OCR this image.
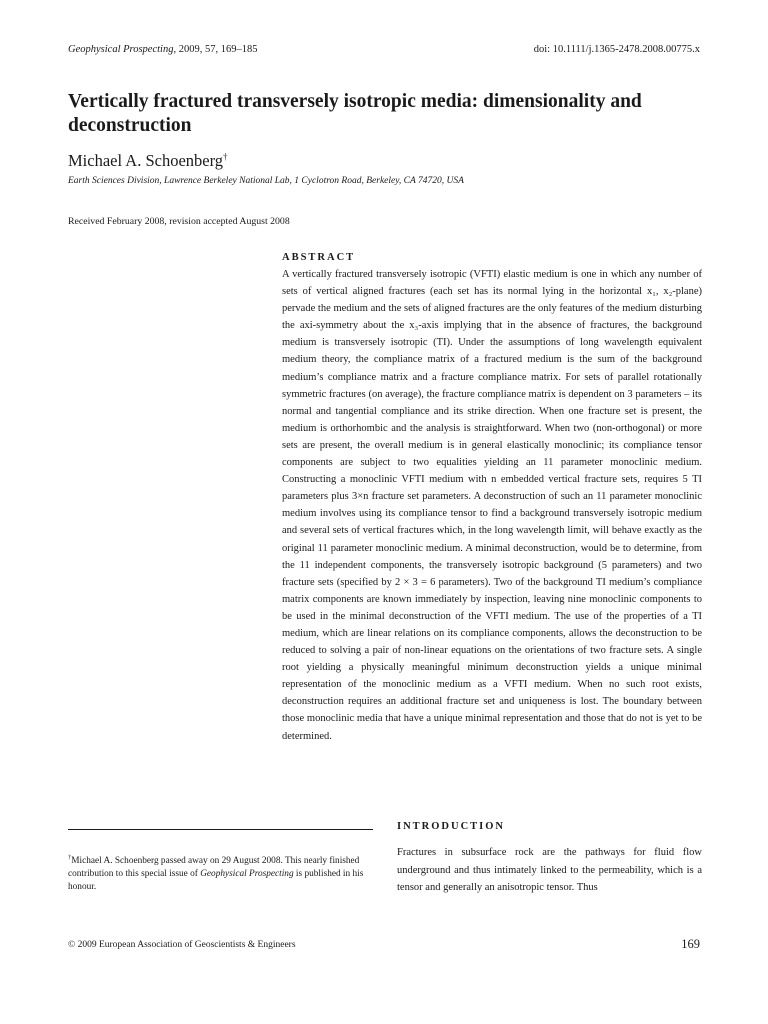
Geophysical Prospecting, 2009, 57, 169–185	doi: 10.1111/j.1365-2478.2008.00775.x
Vertically fractured transversely isotropic media: dimensionality and deconstruction
Michael A. Schoenberg†
Earth Sciences Division, Lawrence Berkeley National Lab, 1 Cyclotron Road, Berkeley, CA 74720, USA
Received February 2008, revision accepted August 2008
ABSTRACT

A vertically fractured transversely isotropic (VFTI) elastic medium is one in which any number of sets of vertical aligned fractures (each set has its normal lying in the horizontal x₁, x₂-plane) pervade the medium and the sets of aligned fractures are the only features of the medium disturbing the axi-symmetry about the x₃-axis implying that in the absence of fractures, the background medium is transversely isotropic (TI). Under the assumptions of long wavelength equivalent medium theory, the compliance matrix of a fractured medium is the sum of the background medium’s compliance matrix and a fracture compliance matrix. For sets of parallel rotationally symmetric fractures (on average), the fracture compliance matrix is dependent on 3 parameters – its normal and tangential compliance and its strike direction. When one fracture set is present, the medium is orthorhombic and the analysis is straightforward. When two (non-orthogonal) or more sets are present, the overall medium is in general elastically monoclinic; its compliance tensor components are subject to two equalities yielding an 11 parameter monoclinic medium. Constructing a monoclinic VFTI medium with n embedded vertical fracture sets, requires 5 TI parameters plus 3×n fracture set parameters. A deconstruction of such an 11 parameter monoclinic medium involves using its compliance tensor to find a background transversely isotropic medium and several sets of vertical fractures which, in the long wavelength limit, will behave exactly as the original 11 parameter monoclinic medium. A minimal deconstruction, would be to determine, from the 11 independent components, the transversely isotropic background (5 parameters) and two fracture sets (specified by 2 × 3 = 6 parameters). Two of the background TI medium’s compliance matrix components are known immediately by inspection, leaving nine monoclinic components to be used in the minimal deconstruction of the VFTI medium. The use of the properties of a TI medium, which are linear relations on its compliance components, allows the deconstruction to be reduced to solving a pair of non-linear equations on the orientations of two fracture sets. A single root yielding a physically meaningful minimum deconstruction yields a unique minimal representation of the monoclinic medium as a VFTI medium. When no such root exists, deconstruction requires an additional fracture set and uniqueness is lost. The boundary between those monoclinic media that have a unique minimal representation and those that do not is yet to be determined.

†Michael A. Schoenberg passed away on 29 August 2008. This nearly finished contribution to this special issue of Geophysical Prospecting is published in his honour.

INTRODUCTION

Fractures in subsurface rock are the pathways for fluid flow underground and thus intimately linked to the permeability, which is a tensor and generally an anisotropic tensor. Thus

© 2009 European Association of Geoscientists & Engineers	169
